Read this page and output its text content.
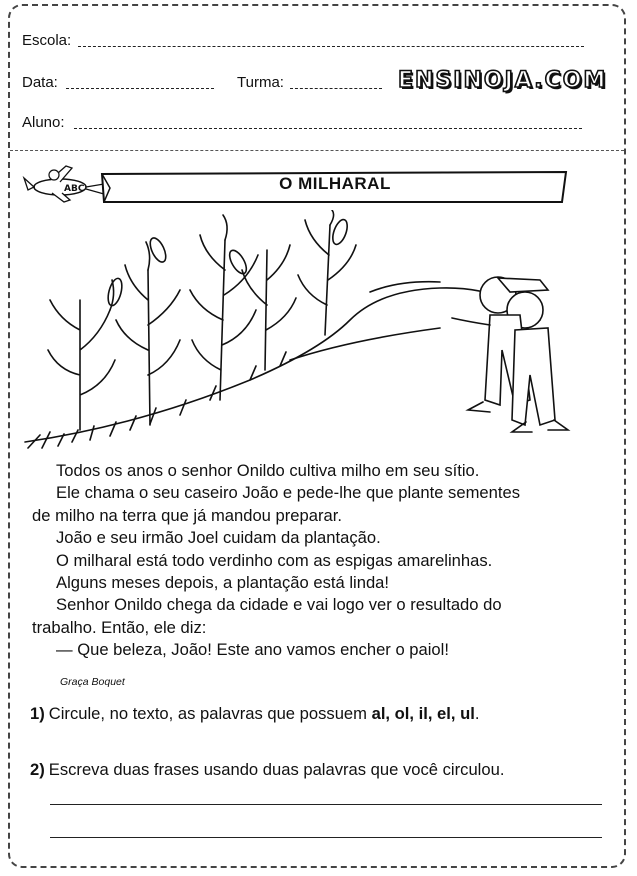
Escola:
Data:	Turma:	ENSINOJA.COM
Aluno:
ABC	O MILHARAL

Todos os anos o senhor Onildo cultiva milho em seu sítio.

Ele chama o seu caseiro João e pede-lhe que plante sementes

de milho na terra que já mandou preparar.

João e seu irmão Joel cuidam da plantação.

O milharal está todo verdinho com as espigas amarelinhas.

Alguns meses depois, a plantação está linda!

Senhor Onildo chega da cidade e vai logo ver o resultado do

trabalho. Então, ele diz:

— Que beleza, João! Este ano vamos encher o paiol!

Graça Boquet
1) Circule, no texto, as palavras que possuem al, ol, il, el, ul.
2) Escreva duas frases usando duas palavras que você circulou.
